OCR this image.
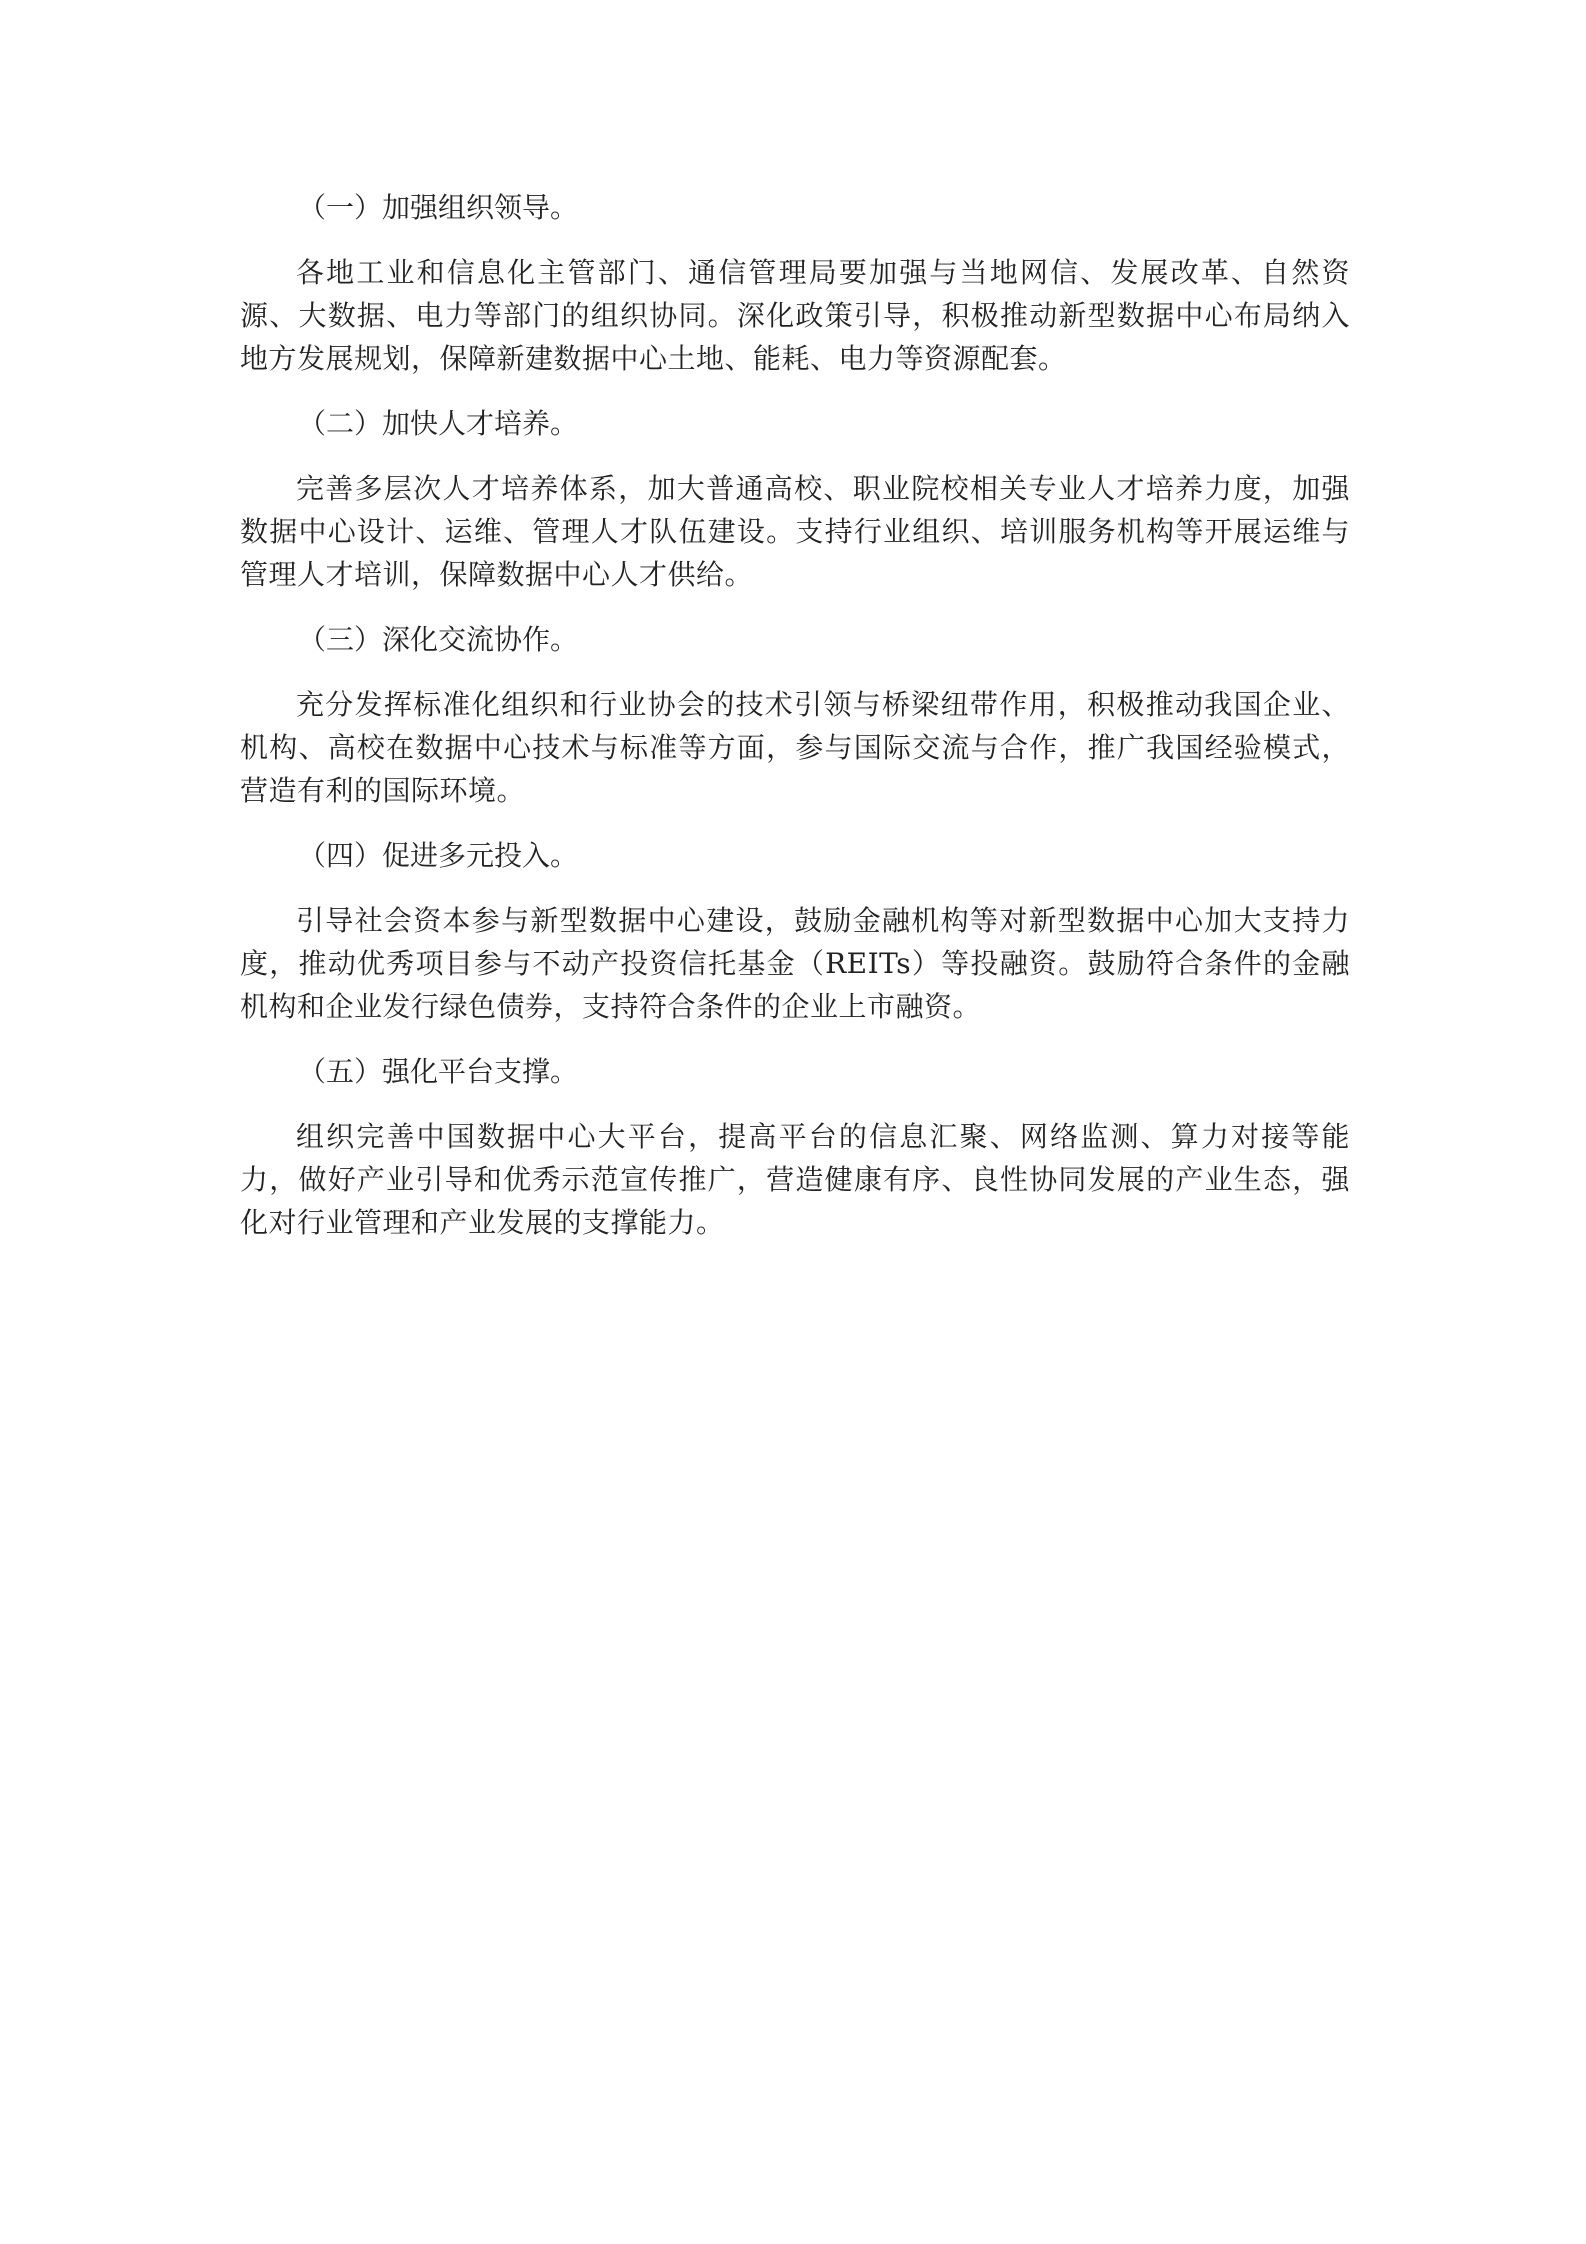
（一）加强组织领导。

各地工业和信息化主管部门、通信管理局要加强与当地网信、发展改革、自然资源、大数据、电力等部门的组织协同。深化政策引导，积极推动新型数据中心布局纳入地方发展规划，保障新建数据中心土地、能耗、电力等资源配套。

（二）加快人才培养。

完善多层次人才培养体系，加大普通高校、职业院校相关专业人才培养力度，加强数据中心设计、运维、管理人才队伍建设。支持行业组织、培训服务机构等开展运维与管理人才培训，保障数据中心人才供给。

（三）深化交流协作。

充分发挥标准化组织和行业协会的技术引领与桥梁纽带作用，积极推动我国企业、机构、高校在数据中心技术与标准等方面，参与国际交流与合作，推广我国经验模式，营造有利的国际环境。

（四）促进多元投入。

引导社会资本参与新型数据中心建设，鼓励金融机构等对新型数据中心加大支持力度，推动优秀项目参与不动产投资信托基金（REITs）等投融资。鼓励符合条件的金融机构和企业发行绿色债券，支持符合条件的企业上市融资。

（五）强化平台支撑。

组织完善中国数据中心大平台，提高平台的信息汇聚、网络监测、算力对接等能力，做好产业引导和优秀示范宣传推广，营造健康有序、良性协同发展的产业生态，强化对行业管理和产业发展的支撑能力。
